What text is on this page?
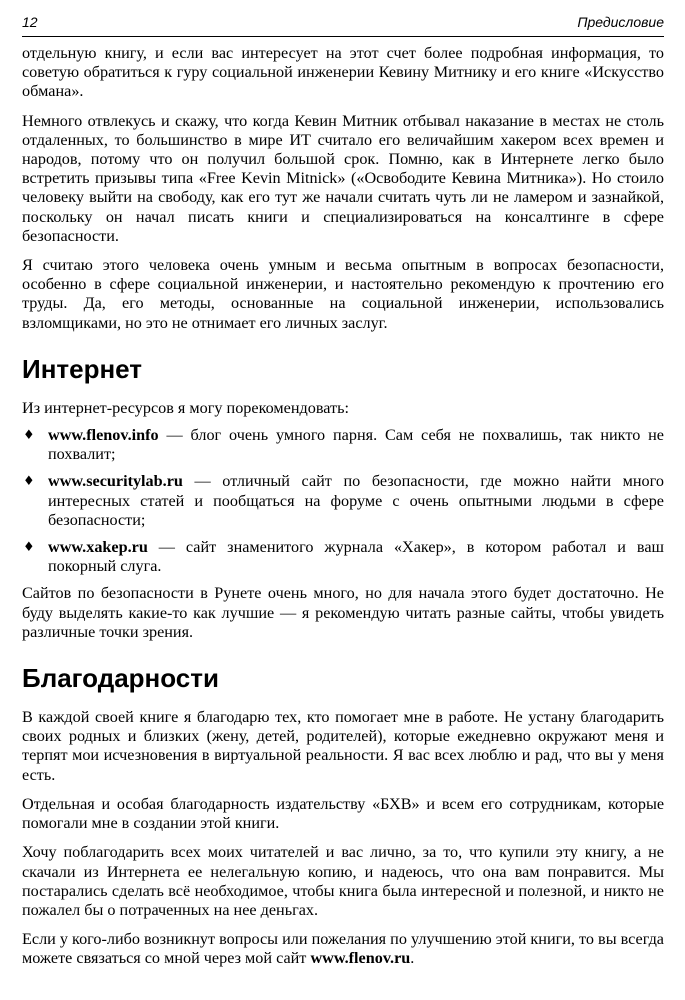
12	Предисловие

отдельную книгу, и если вас интересует на этот счет более подробная информация, то советую обратиться к гуру социальной инженерии Кевину Митнику и его книге «Искусство обмана».

Немного отвлекусь и скажу, что когда Кевин Митник отбывал наказание в местах не столь отдаленных, то большинство в мире ИТ считало его величайшим хакером всех времен и народов, потому что он получил большой срок. Помню, как в Интернете легко было встретить призывы типа «Free Kevin Mitnick» («Освободите Кевина Митника»). Но стоило человеку выйти на свободу, как его тут же начали считать чуть ли не ламером и зазнайкой, поскольку он начал писать книги и специализироваться на консалтинге в сфере безопасности.

Я считаю этого человека очень умным и весьма опытным в вопросах безопасности, особенно в сфере социальной инженерии, и настоятельно рекомендую к прочтению его труды. Да, его методы, основанные на социальной инженерии, использовались взломщиками, но это не отнимает его личных заслуг.

Интернет

Из интернет-ресурсов я могу порекомендовать:

♦ www.flenov.info — блог очень умного парня. Сам себя не похвалишь, так никто не похвалит;
♦ www.securitylab.ru — отличный сайт по безопасности, где можно найти много интересных статей и пообщаться на форуме с очень опытными людьми в сфере безопасности;
♦ www.xakep.ru — сайт знаменитого журнала «Хакер», в котором работал и ваш покорный слуга.

Сайтов по безопасности в Рунете очень много, но для начала этого будет достаточно. Не буду выделять какие-то как лучшие — я рекомендую читать разные сайты, чтобы увидеть различные точки зрения.

Благодарности

В каждой своей книге я благодарю тех, кто помогает мне в работе. Не устану благодарить своих родных и близких (жену, детей, родителей), которые ежедневно окружают меня и терпят мои исчезновения в виртуальной реальности. Я вас всех люблю и рад, что вы у меня есть.

Отдельная и особая благодарность издательству «БХВ» и всем его сотрудникам, которые помогали мне в создании этой книги.

Хочу поблагодарить всех моих читателей и вас лично, за то, что купили эту книгу, а не скачали из Интернета ее нелегальную копию, и надеюсь, что она вам понравится. Мы постарались сделать всё необходимое, чтобы книга была интересной и полезной, и никто не пожалел бы о потраченных на нее деньгах.

Если у кого-либо возникнут вопросы или пожелания по улучшению этой книги, то вы всегда можете связаться со мной через мой сайт www.flenov.ru.
